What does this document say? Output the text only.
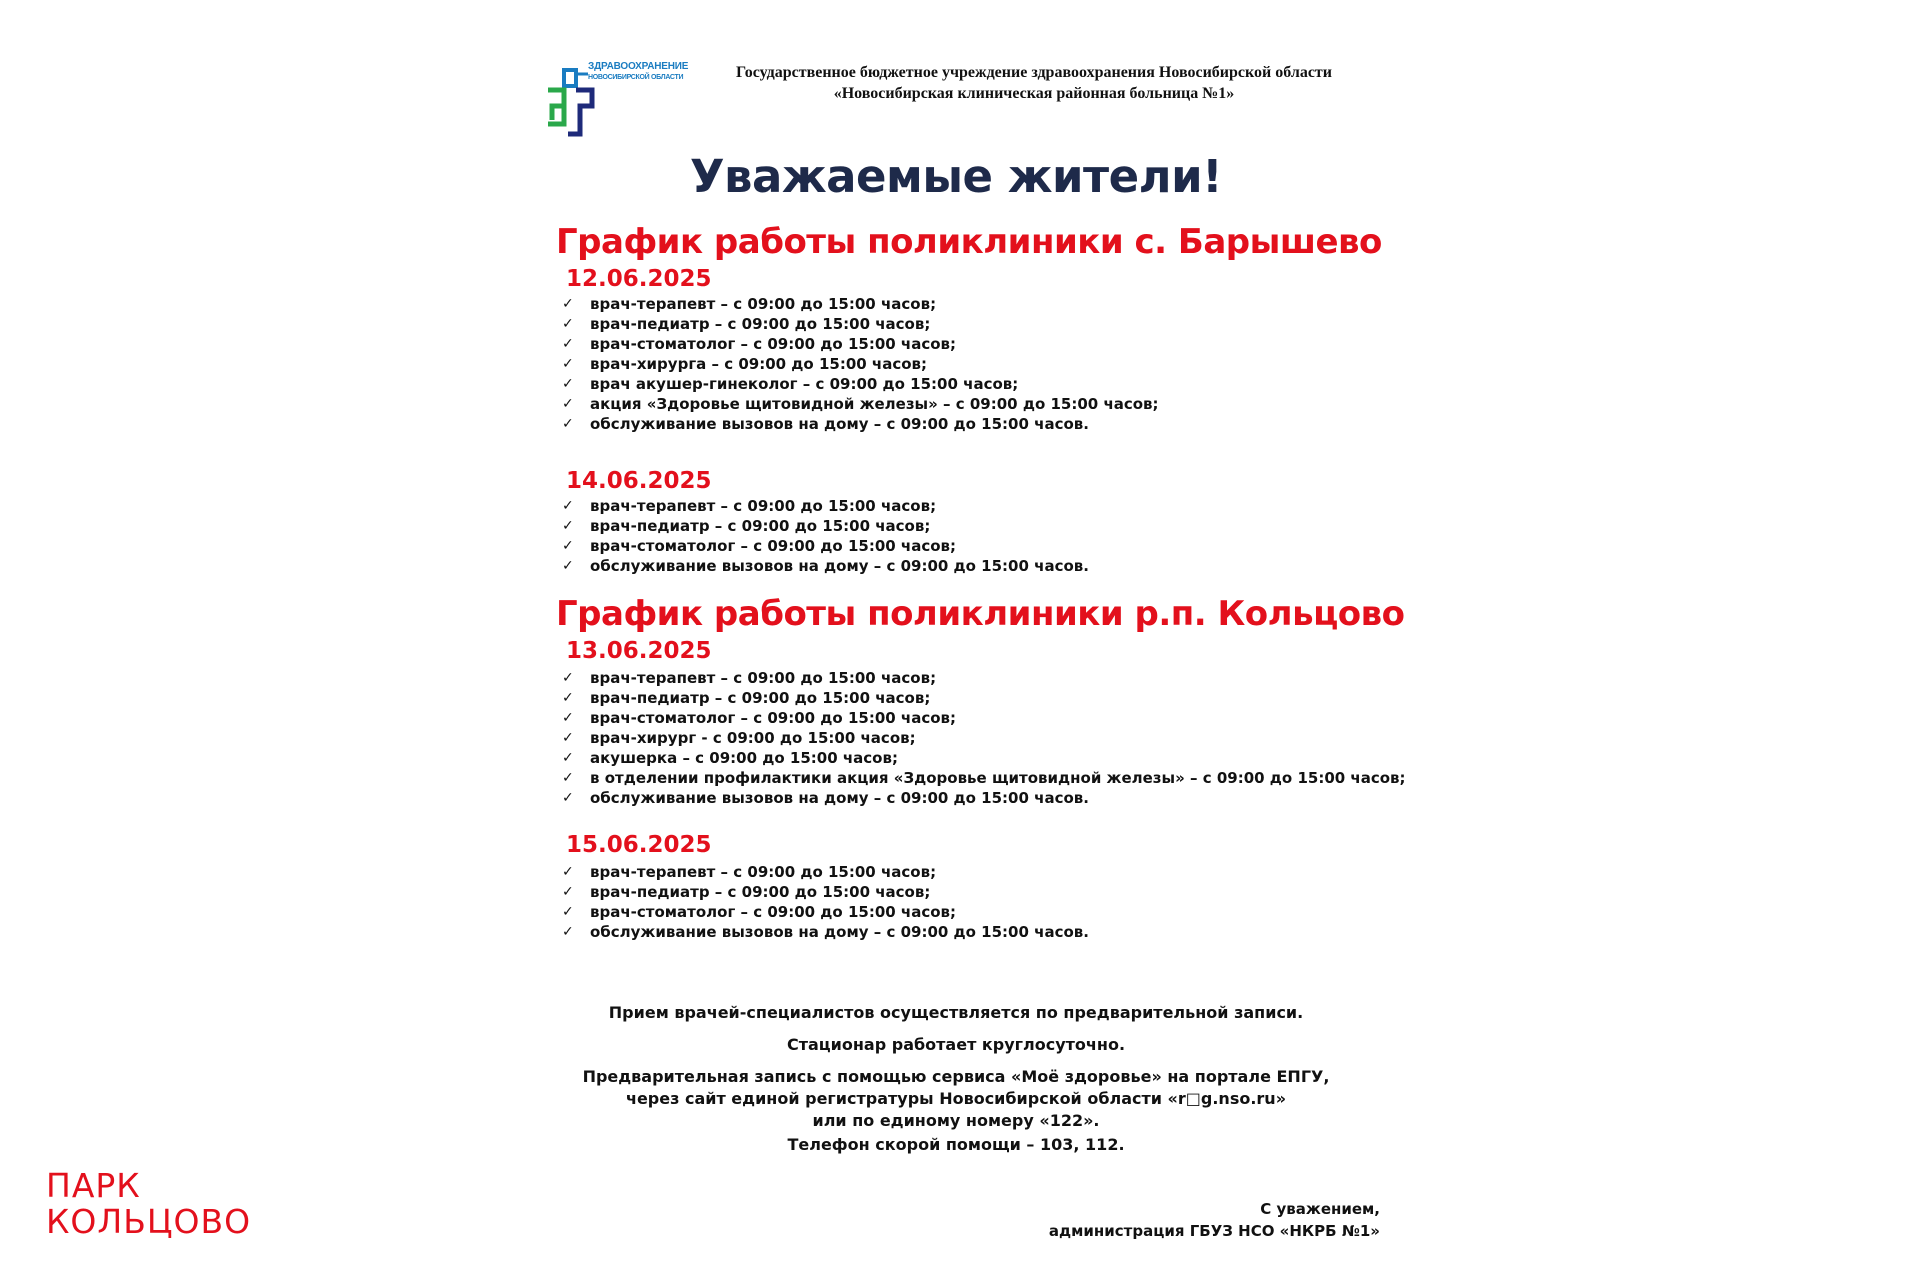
ЗДРАВООХРАНЕНИЕ
НОВОСИБИРСКОЙ ОБЛАСТИ	Государственное бюджетное учреждение здравоохранения Новосибирской области
«Новосибирская клиническая районная больница №1»
Уважаемые жители!
График работы поликлиники с. Барышево
12.06.2025
✓ врач-терапевт – с 09:00 до 15:00 часов;
✓ врач-педиатр – с 09:00 до 15:00 часов;
✓ врач-стоматолог – с 09:00 до 15:00 часов;
✓ врач-хирурга – с 09:00 до 15:00 часов;
✓ врач акушер-гинеколог – с 09:00 до 15:00 часов;
✓ акция «Здоровье щитовидной железы» – с 09:00 до 15:00 часов;
✓ обслуживание вызовов на дому – с 09:00 до 15:00 часов.
14.06.2025
✓ врач-терапевт – с 09:00 до 15:00 часов;
✓ врач-педиатр – с 09:00 до 15:00 часов;
✓ врач-стоматолог – с 09:00 до 15:00 часов;
✓ обслуживание вызовов на дому – с 09:00 до 15:00 часов.
График работы поликлиники р.п. Кольцово
13.06.2025
✓ врач-терапевт – с 09:00 до 15:00 часов;
✓ врач-педиатр – с 09:00 до 15:00 часов;
✓ врач-стоматолог – с 09:00 до 15:00 часов;
✓ врач-хирург - с 09:00 до 15:00 часов;
✓ акушерка – с 09:00 до 15:00 часов;
✓ в отделении профилактики акция «Здоровье щитовидной железы» – с 09:00 до 15:00 часов;
✓ обслуживание вызовов на дому – с 09:00 до 15:00 часов.
15.06.2025
✓ врач-терапевт – с 09:00 до 15:00 часов;
✓ врач-педиатр – с 09:00 до 15:00 часов;
✓ врач-стоматолог – с 09:00 до 15:00 часов;
✓ обслуживание вызовов на дому – с 09:00 до 15:00 часов.
Прием врачей-специалистов осуществляется по предварительной записи.
Стационар работает круглосуточно.
Предварительная запись с помощью сервиса «Моё здоровье» на портале ЕПГУ,
через сайт единой регистратуры Новосибирской области «r□g.nso.ru»
или по единому номеру «122».
Телефон скорой помощи – 103, 112.
С уважением,
администрация ГБУЗ НСО «НКРБ №1»
ПАРК
КОЛЬЦОВО
